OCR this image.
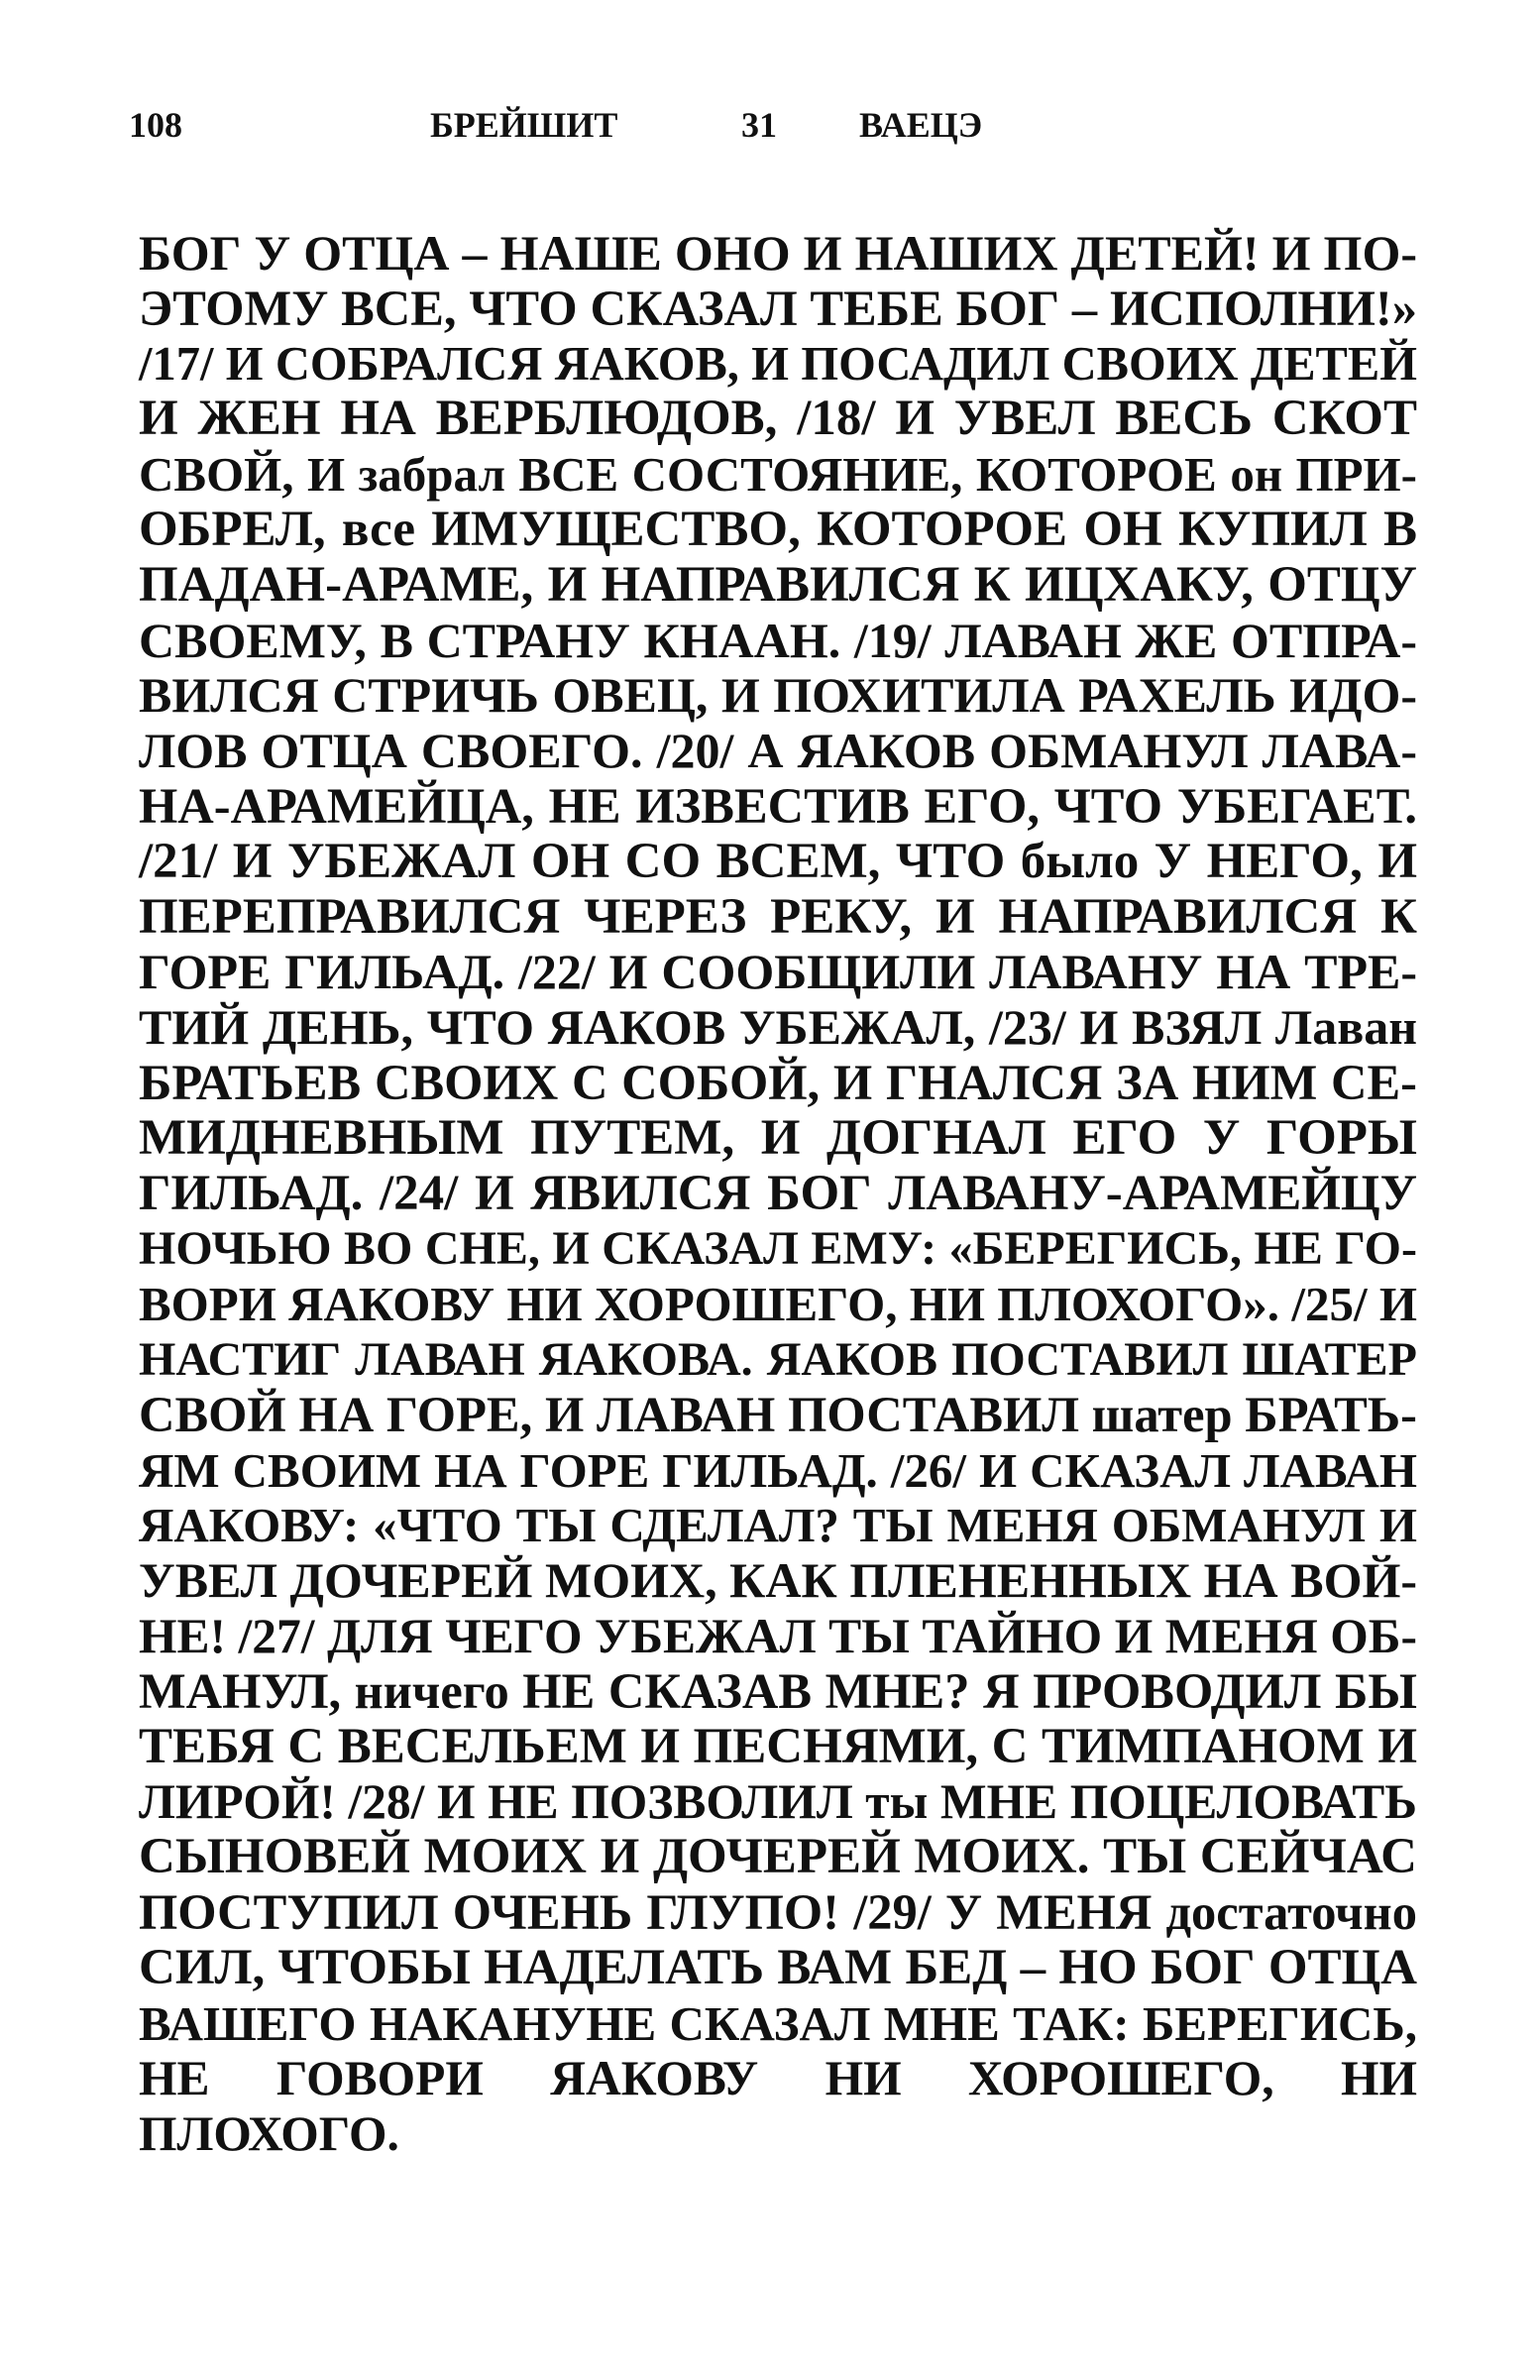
108	БРЕЙШИТ	31 ВАЕЦЭ
БОГ У ОТЦА – НАШЕ ОНО И НАШИХ ДЕТЕЙ! И ПО-
ЭТОМУ ВСЕ, ЧТО СКАЗАЛ ТЕБЕ БОГ – ИСПОЛНИ!»
/17/ И СОБРАЛСЯ ЯАКОВ, И ПОСАДИЛ СВОИХ ДЕТЕЙ
И ЖЕН НА ВЕРБЛЮДОВ, /18/ И УВЕЛ ВЕСЬ СКОТ
СВОЙ, И забрал ВСЕ СОСТОЯНИЕ, КОТОРОЕ он ПРИ-
ОБРЕЛ, все ИМУЩЕСТВО, КОТОРОЕ ОН КУПИЛ В
ПАДАН-АРАМЕ, И НАПРАВИЛСЯ К ИЦХАКУ, ОТЦУ
СВОЕМУ, В СТРАНУ КНААН. /19/ ЛАВАН ЖЕ ОТПРА-
ВИЛСЯ СТРИЧЬ ОВЕЦ, И ПОХИТИЛА РАХЕЛЬ ИДО-
ЛОВ ОТЦА СВОЕГО. /20/ А ЯАКОВ ОБМАНУЛ ЛАВА-
НА-АРАМЕЙЦА, НЕ ИЗВЕСТИВ ЕГО, ЧТО УБЕГАЕТ.
/21/ И УБЕЖАЛ ОН СО ВСЕМ, ЧТО было У НЕГО, И
ПЕРЕПРАВИЛСЯ ЧЕРЕЗ РЕКУ, И НАПРАВИЛСЯ К
ГОРЕ ГИЛЬАД. /22/ И СООБЩИЛИ ЛАВАНУ НА ТРЕ-
ТИЙ ДЕНЬ, ЧТО ЯАКОВ УБЕЖАЛ, /23/ И ВЗЯЛ Лаван
БРАТЬЕВ СВОИХ С СОБОЙ, И ГНАЛСЯ ЗА НИМ СЕ-
МИДНЕВНЫМ ПУТЕМ, И ДОГНАЛ ЕГО У ГОРЫ
ГИЛЬАД. /24/ И ЯВИЛСЯ БОГ ЛАВАНУ-АРАМЕЙЦУ
НОЧЬЮ ВО СНЕ, И СКАЗАЛ ЕМУ: «БЕРЕГИСЬ, НЕ ГО-
ВОРИ ЯАКОВУ НИ ХОРОШЕГО, НИ ПЛОХОГО». /25/ И
НАСТИГ ЛАВАН ЯАКОВА. ЯАКОВ ПОСТАВИЛ ШАТЕР
СВОЙ НА ГОРЕ, И ЛАВАН ПОСТАВИЛ шатер БРАТЬ-
ЯМ СВОИМ НА ГОРЕ ГИЛЬАД. /26/ И СКАЗАЛ ЛАВАН
ЯАКОВУ: «ЧТО ТЫ СДЕЛАЛ? ТЫ МЕНЯ ОБМАНУЛ И
УВЕЛ ДОЧЕРЕЙ МОИХ, КАК ПЛЕНЕННЫХ НА ВОЙ-
НЕ! /27/ ДЛЯ ЧЕГО УБЕЖАЛ ТЫ ТАЙНО И МЕНЯ ОБ-
МАНУЛ, ничего НЕ СКАЗАВ МНЕ? Я ПРОВОДИЛ БЫ
ТЕБЯ С ВЕСЕЛЬЕМ И ПЕСНЯМИ, С ТИМПАНОМ И
ЛИРОЙ! /28/ И НЕ ПОЗВОЛИЛ ты МНЕ ПОЦЕЛОВАТЬ
СЫНОВЕЙ МОИХ И ДОЧЕРЕЙ МОИХ. ТЫ СЕЙЧАС
ПОСТУПИЛ ОЧЕНЬ ГЛУПО! /29/ У МЕНЯ достаточно
СИЛ, ЧТОБЫ НАДЕЛАТЬ ВАМ БЕД – НО БОГ ОТЦА
ВАШЕГО НАКАНУНЕ СКАЗАЛ МНЕ ТАК: БЕРЕГИСЬ,
НЕ ГОВОРИ ЯАКОВУ НИ ХОРОШЕГО, НИ ПЛОХОГО.
